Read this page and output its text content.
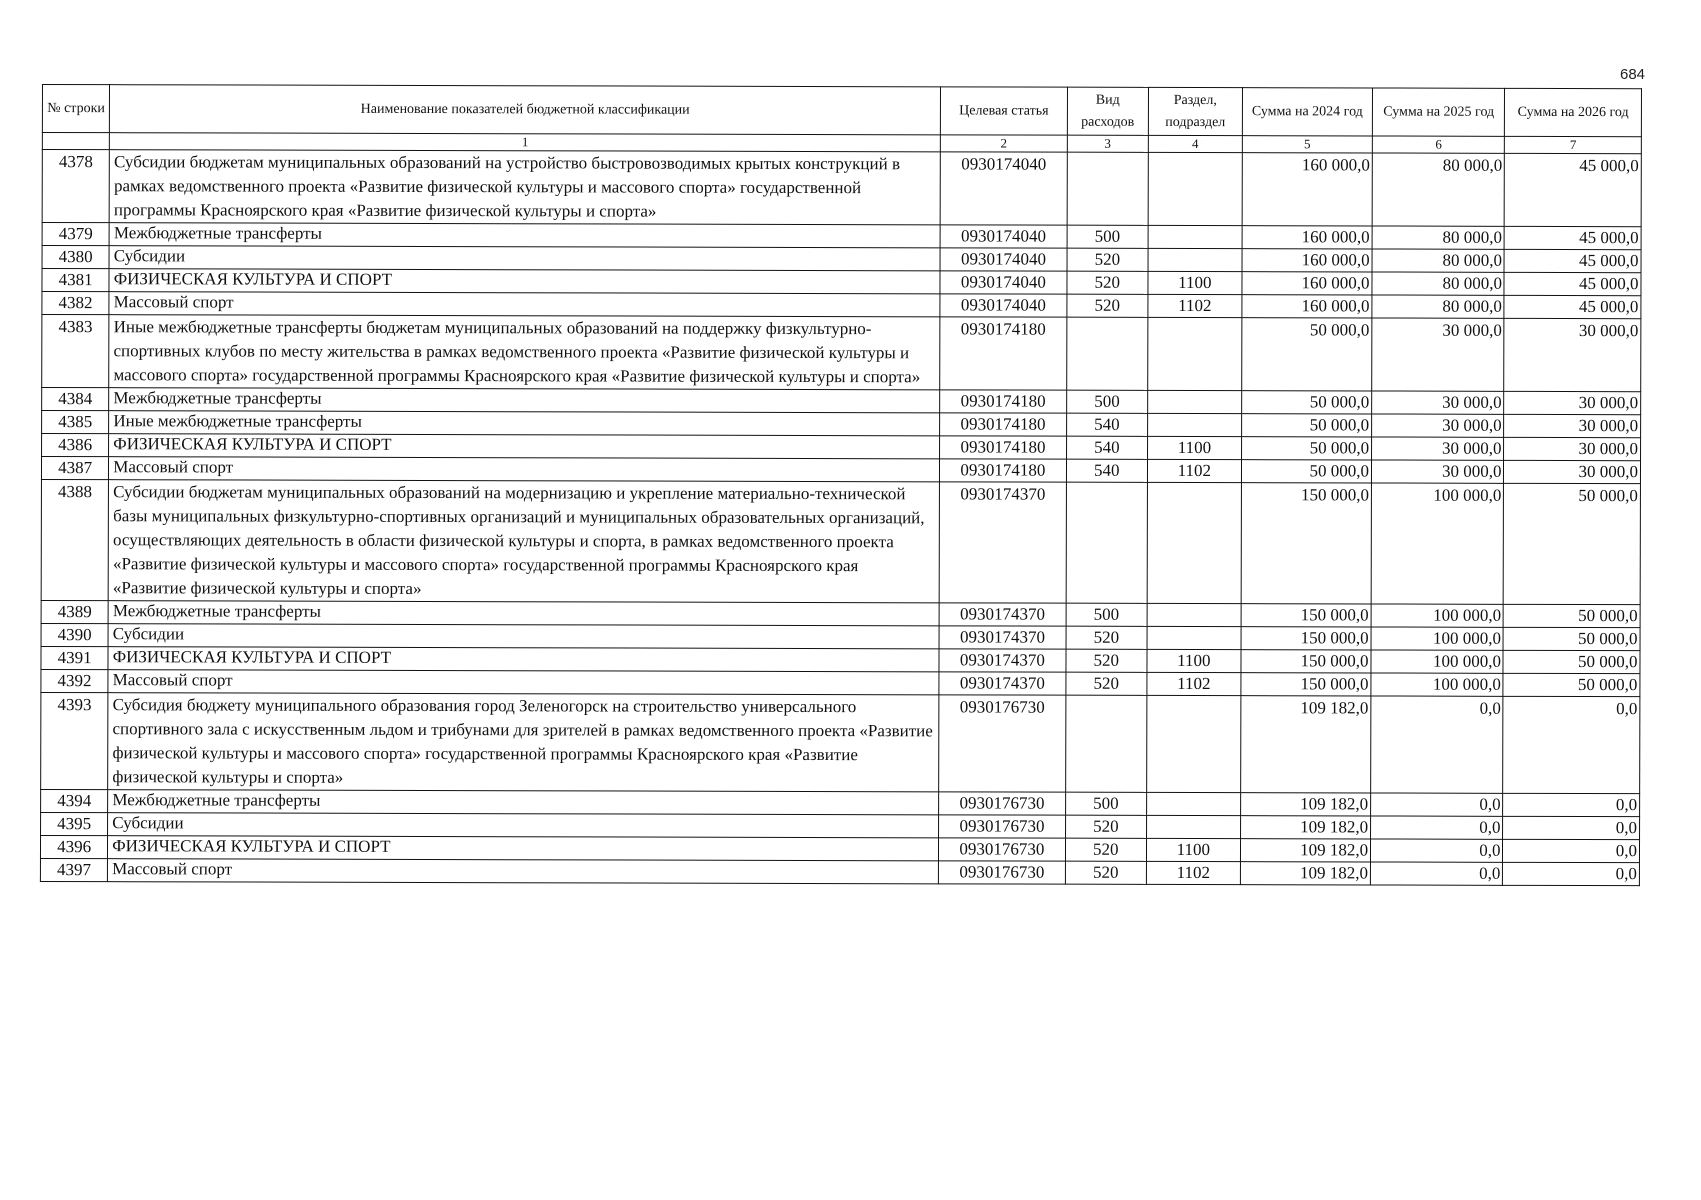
684
№ строки	Наименование показателей бюджетной классификации	Целевая статья	Вид расходов	Раздел, подраздел	Сумма на 2024 год	Сумма на 2025 год	Сумма на 2026 год
	1	2	3	4	5	6	7
4378	Субсидии бюджетам муниципальных образований на устройство быстровозводимых крытых конструкций в рамках ведомственного проекта «Развитие физической культуры и массового спорта» государственной программы Красноярского края «Развитие физической культуры и спорта»	0930174040			160 000,0	80 000,0	45 000,0
4379	Межбюджетные трансферты	0930174040	500		160 000,0	80 000,0	45 000,0
4380	Субсидии	0930174040	520		160 000,0	80 000,0	45 000,0
4381	ФИЗИЧЕСКАЯ КУЛЬТУРА И СПОРТ	0930174040	520	1100	160 000,0	80 000,0	45 000,0
4382	Массовый спорт	0930174040	520	1102	160 000,0	80 000,0	45 000,0
4383	Иные межбюджетные трансферты бюджетам муниципальных образований на поддержку физкультурно-спортивных клубов по месту жительства в рамках ведомственного проекта «Развитие физической культуры и массового спорта» государственной программы Красноярского края «Развитие физической культуры и спорта»	0930174180			50 000,0	30 000,0	30 000,0
4384	Межбюджетные трансферты	0930174180	500		50 000,0	30 000,0	30 000,0
4385	Иные межбюджетные трансферты	0930174180	540		50 000,0	30 000,0	30 000,0
4386	ФИЗИЧЕСКАЯ КУЛЬТУРА И СПОРТ	0930174180	540	1100	50 000,0	30 000,0	30 000,0
4387	Массовый спорт	0930174180	540	1102	50 000,0	30 000,0	30 000,0
4388	Субсидии бюджетам муниципальных образований на модернизацию и укрепление материально-технической базы муниципальных физкультурно-спортивных организаций и муниципальных образовательных организаций, осуществляющих деятельность в области физической культуры и спорта, в рамках ведомственного проекта «Развитие физической культуры и массового спорта» государственной программы Красноярского края «Развитие физической культуры и спорта»	0930174370			150 000,0	100 000,0	50 000,0
4389	Межбюджетные трансферты	0930174370	500		150 000,0	100 000,0	50 000,0
4390	Субсидии	0930174370	520		150 000,0	100 000,0	50 000,0
4391	ФИЗИЧЕСКАЯ КУЛЬТУРА И СПОРТ	0930174370	520	1100	150 000,0	100 000,0	50 000,0
4392	Массовый спорт	0930174370	520	1102	150 000,0	100 000,0	50 000,0
4393	Субсидия бюджету муниципального образования город Зеленогорск на строительство универсального спортивного зала с искусственным льдом и трибунами для зрителей в рамках ведомственного проекта «Развитие физической культуры и массового спорта» государственной программы Красноярского края «Развитие физической культуры и спорта»	0930176730			109 182,0	0,0	0,0
4394	Межбюджетные трансферты	0930176730	500		109 182,0	0,0	0,0
4395	Субсидии	0930176730	520		109 182,0	0,0	0,0
4396	ФИЗИЧЕСКАЯ КУЛЬТУРА И СПОРТ	0930176730	520	1100	109 182,0	0,0	0,0
4397	Массовый спорт	0930176730	520	1102	109 182,0	0,0	0,0
